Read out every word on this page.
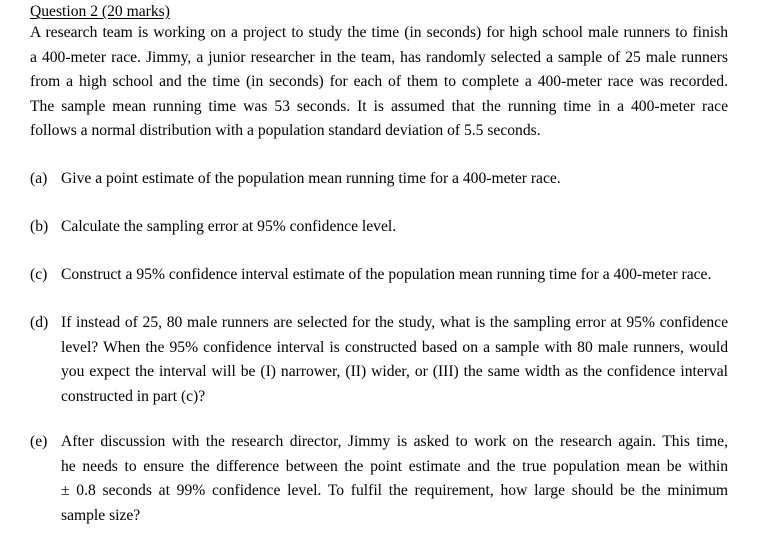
Question 2 (20 marks)
A research team is working on a project to study the time (in seconds) for high school male runners to finish
a 400-meter race. Jimmy, a junior researcher in the team, has randomly selected a sample of 25 male runners
from a high school and the time (in seconds) for each of them to complete a 400-meter race was recorded.
The sample mean running time was 53 seconds. It is assumed that the running time in a 400-meter race
follows a normal distribution with a population standard deviation of 5.5 seconds.
(a) Give a point estimate of the population mean running time for a 400-meter race.
(b) Calculate the sampling error at 95% confidence level.
(c) Construct a 95% confidence interval estimate of the population mean running time for a 400-meter race.
(d) If instead of 25, 80 male runners are selected for the study, what is the sampling error at 95% confidence
level? When the 95% confidence interval is constructed based on a sample with 80 male runners, would
you expect the interval will be (I) narrower, (II) wider, or (III) the same width as the confidence interval
constructed in part (c)?
(e) After discussion with the research director, Jimmy is asked to work on the research again. This time,
he needs to ensure the difference between the point estimate and the true population mean be within
± 0.8 seconds at 99% confidence level. To fulfil the requirement, how large should be the minimum
sample size?
